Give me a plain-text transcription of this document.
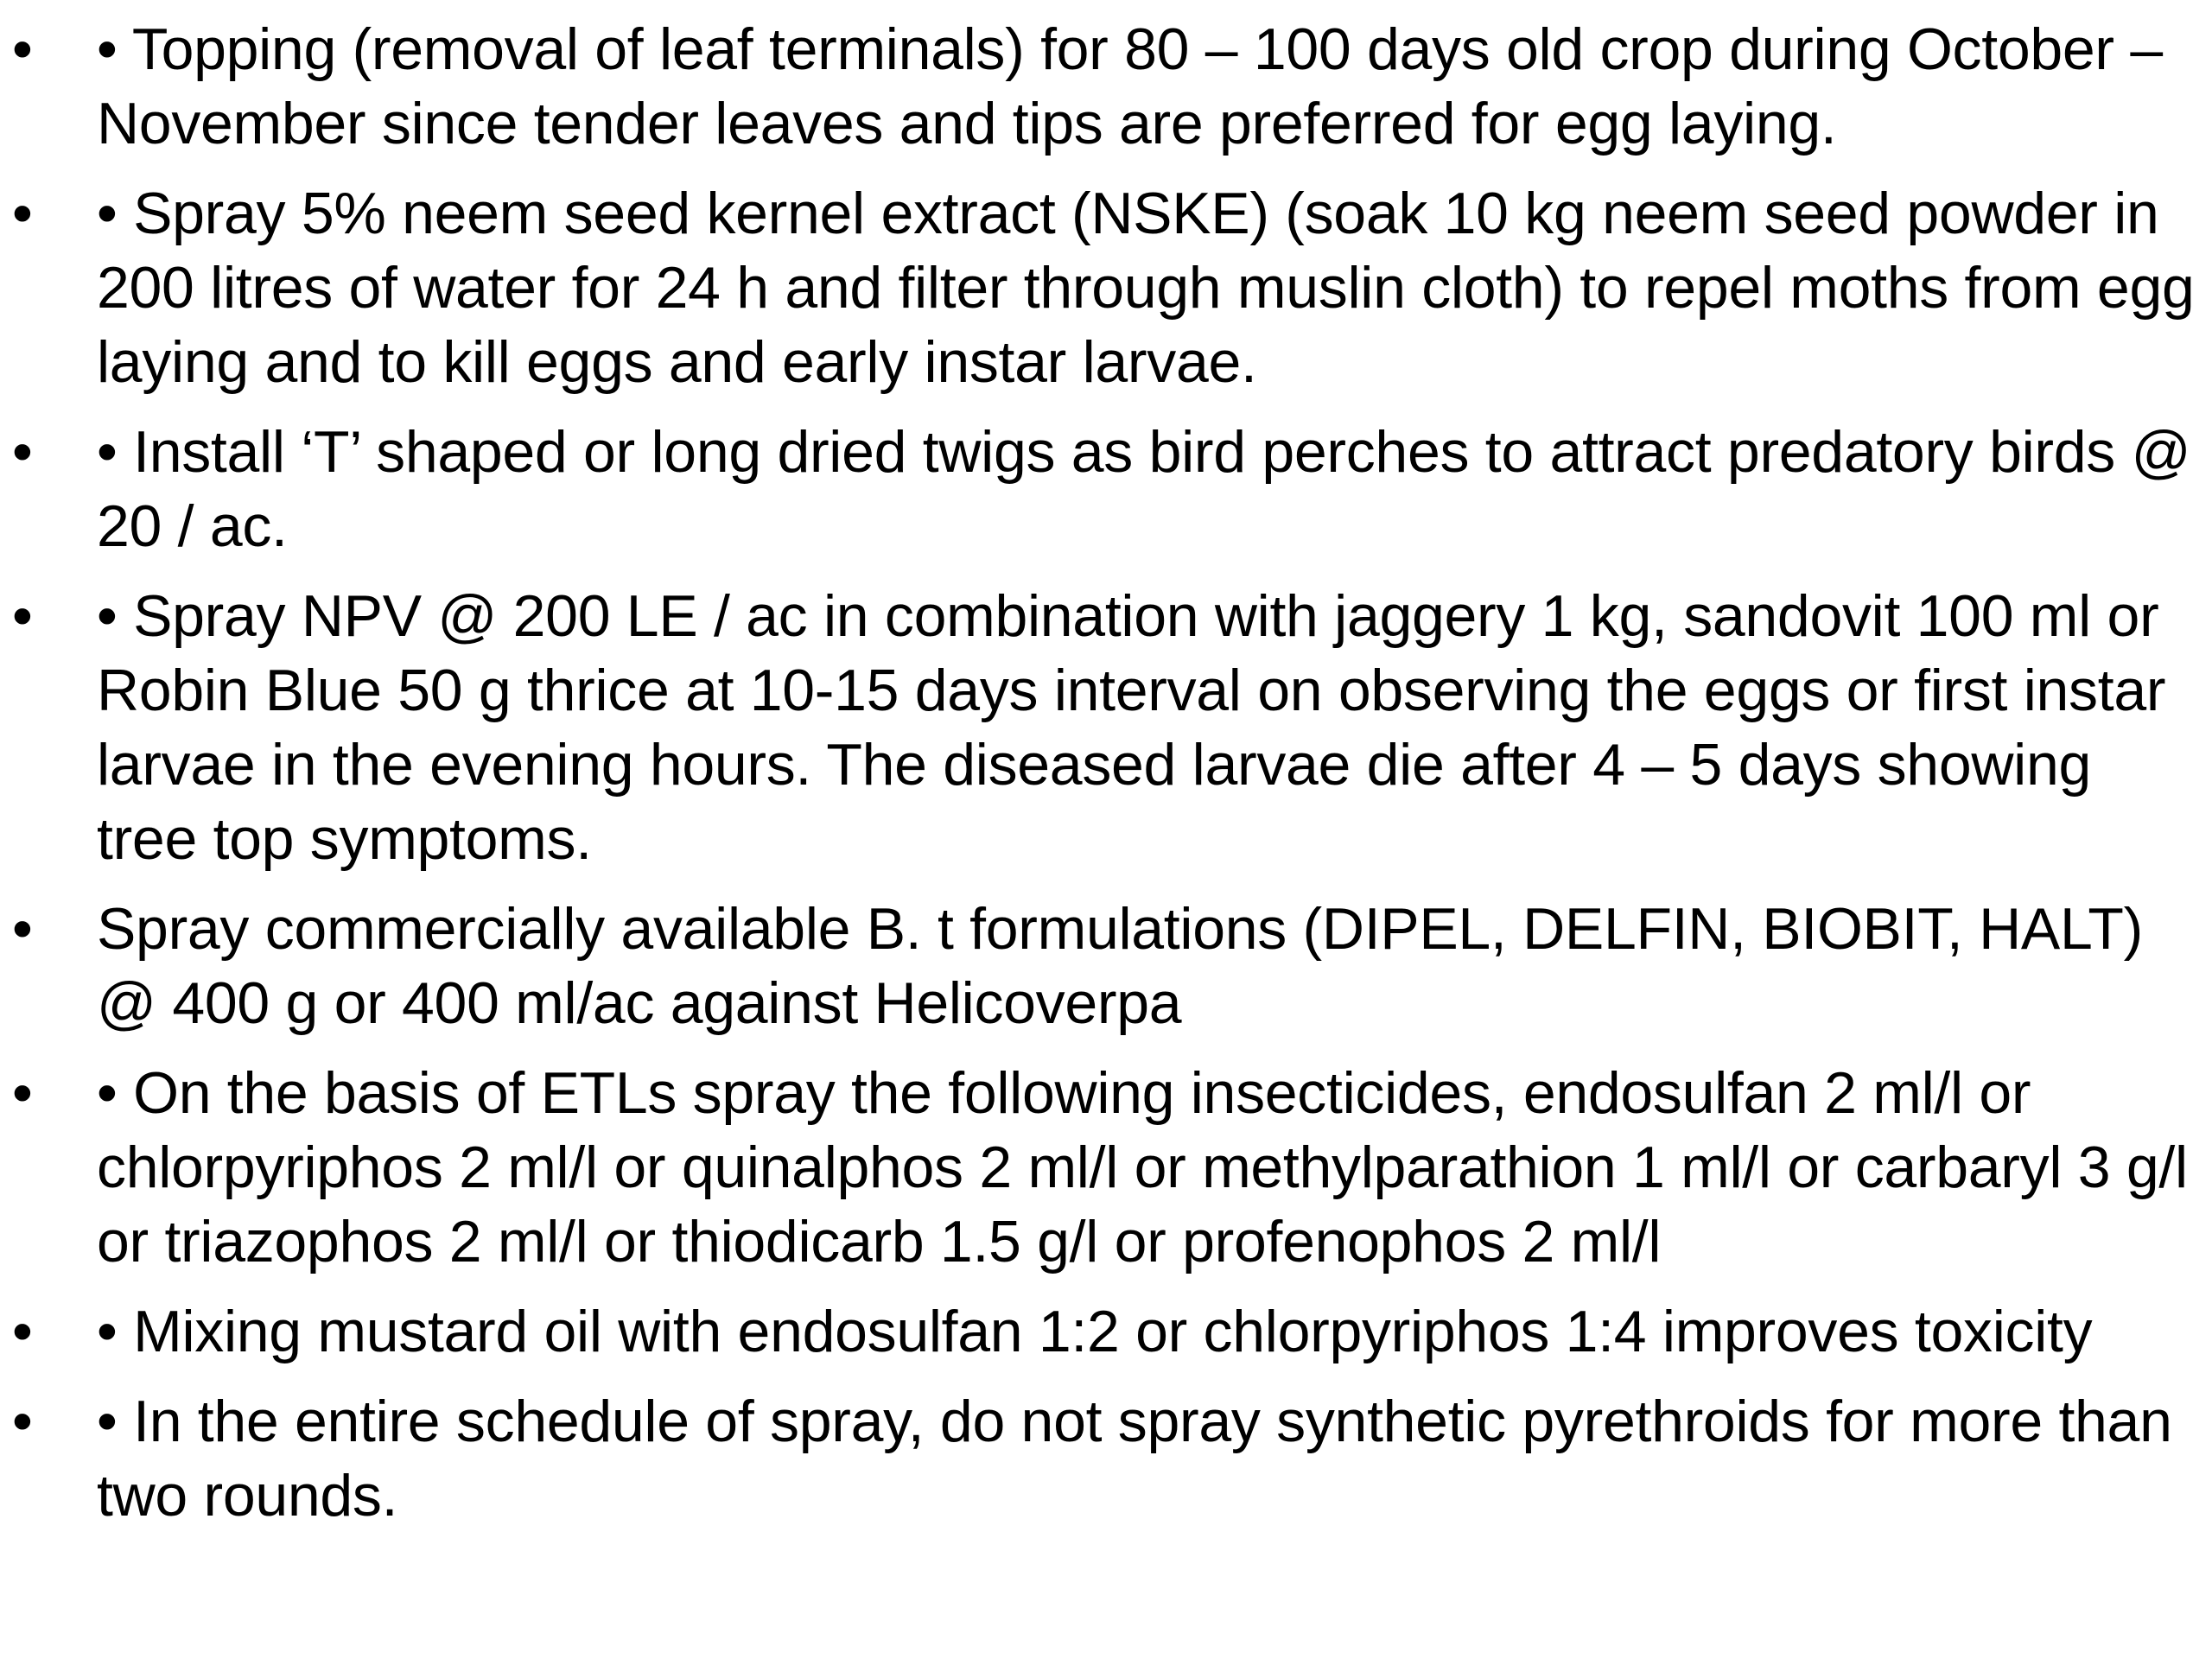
• • Topping (removal of leaf terminals) for 80 – 100 days old crop during October – November since tender leaves and tips are preferred for egg laying.
• • Spray 5% neem seed kernel extract (NSKE) (soak 10 kg neem seed powder in 200 litres of water for 24 h and filter through muslin cloth) to repel moths from egg laying and to kill eggs and early instar larvae.
• • Install ‘T’ shaped or long dried twigs as bird perches to attract predatory birds @ 20 / ac.
• • Spray NPV @ 200 LE / ac in combination with jaggery 1 kg, sandovit 100 ml or Robin Blue 50 g thrice at 10-15 days interval on observing the eggs or first instar larvae in the evening hours. The diseased larvae die after 4 – 5 days showing tree top symptoms.
• Spray commercially available B. t formulations (DIPEL, DELFIN, BIOBIT, HALT) @ 400 g or 400 ml/ac against Helicoverpa
• • On the basis of ETLs spray the following insecticides, endosulfan 2 ml/l or chlorpyriphos 2 ml/l or quinalphos 2 ml/l or methylparathion 1 ml/l or carbaryl 3 g/l or triazophos 2 ml/l or thiodicarb 1.5 g/l or profenophos 2 ml/l
• • Mixing mustard oil with endosulfan 1:2 or chlorpyriphos 1:4 improves toxicity
• • In the entire schedule of spray, do not spray synthetic pyrethroids for more than two rounds.
